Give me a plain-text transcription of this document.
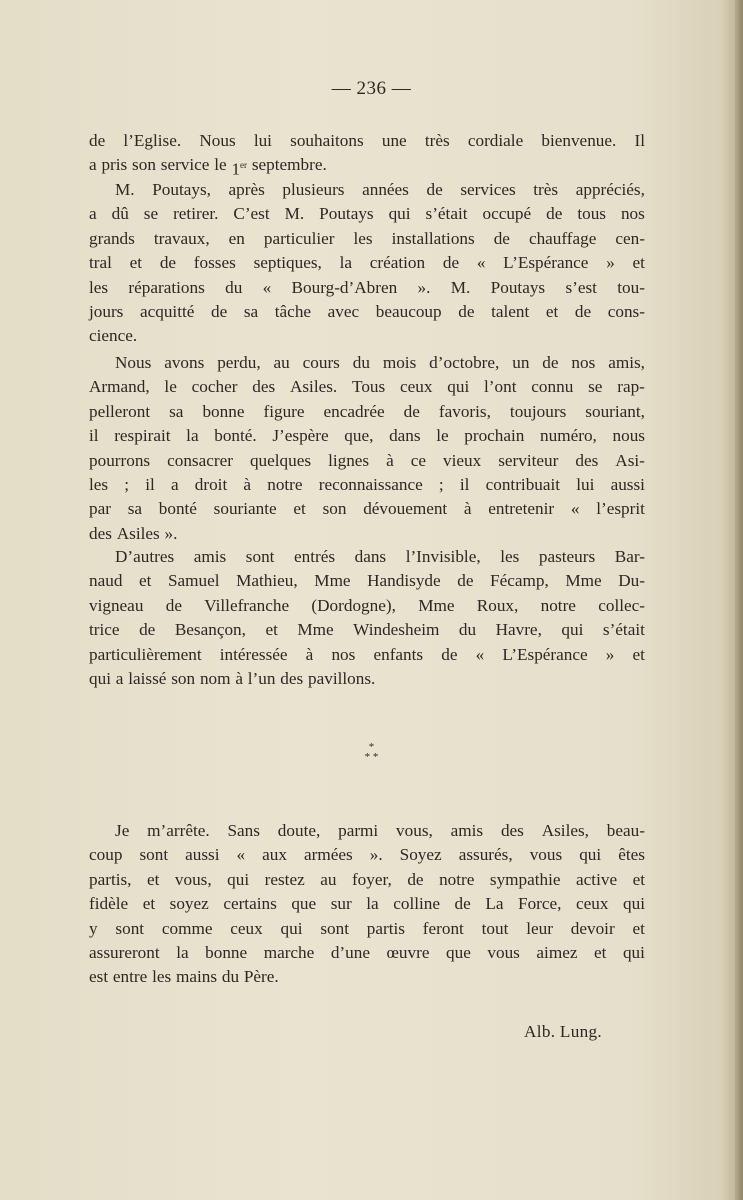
— 236 —
de l’Eglise. Nous lui souhaitons une très cordiale bienvenue. Il
a pris son service le 1er septembre.
M. Poutays, après plusieurs années de services très appréciés,
a dû se retirer. C’est M. Poutays qui s’était occupé de tous nos
grands travaux, en particulier les installations de chauffage cen-
tral et de fosses septiques, la création de « L’Espérance » et
les réparations du « Bourg-d’Abren ». M. Poutays s’est tou-
jours acquitté de sa tâche avec beaucoup de talent et de cons-
cience.
Nous avons perdu, au cours du mois d’octobre, un de nos amis,
Armand, le cocher des Asiles. Tous ceux qui l’ont connu se rap-
pelleront sa bonne figure encadrée de favoris, toujours souriant,
il respirait la bonté. J’espère que, dans le prochain numéro, nous
pourrons consacrer quelques lignes à ce vieux serviteur des Asi-
les ; il a droit à notre reconnaissance ; il contribuait lui aussi
par sa bonté souriante et son dévouement à entretenir « l’esprit
des Asiles ».
D’autres amis sont entrés dans l’Invisible, les pasteurs Bar-
naud et Samuel Mathieu, Mme Handisyde de Fécamp, Mme Du-
vigneau de Villefranche (Dordogne), Mme Roux, notre collec-
trice de Besançon, et Mme Windesheim du Havre, qui s’était
particulièrement intéressée à nos enfants de « L’Espérance » et
qui a laissé son nom à l’un des pavillons.
*
* *
Je m’arrête. Sans doute, parmi vous, amis des Asiles, beau-
coup sont aussi « aux armées ». Soyez assurés, vous qui êtes
partis, et vous, qui restez au foyer, de notre sympathie active et
fidèle et soyez certains que sur la colline de La Force, ceux qui
y sont comme ceux qui sont partis feront tout leur devoir et
assureront la bonne marche d’une œuvre que vous aimez et qui
est entre les mains du Père.
Alb. Lung.
